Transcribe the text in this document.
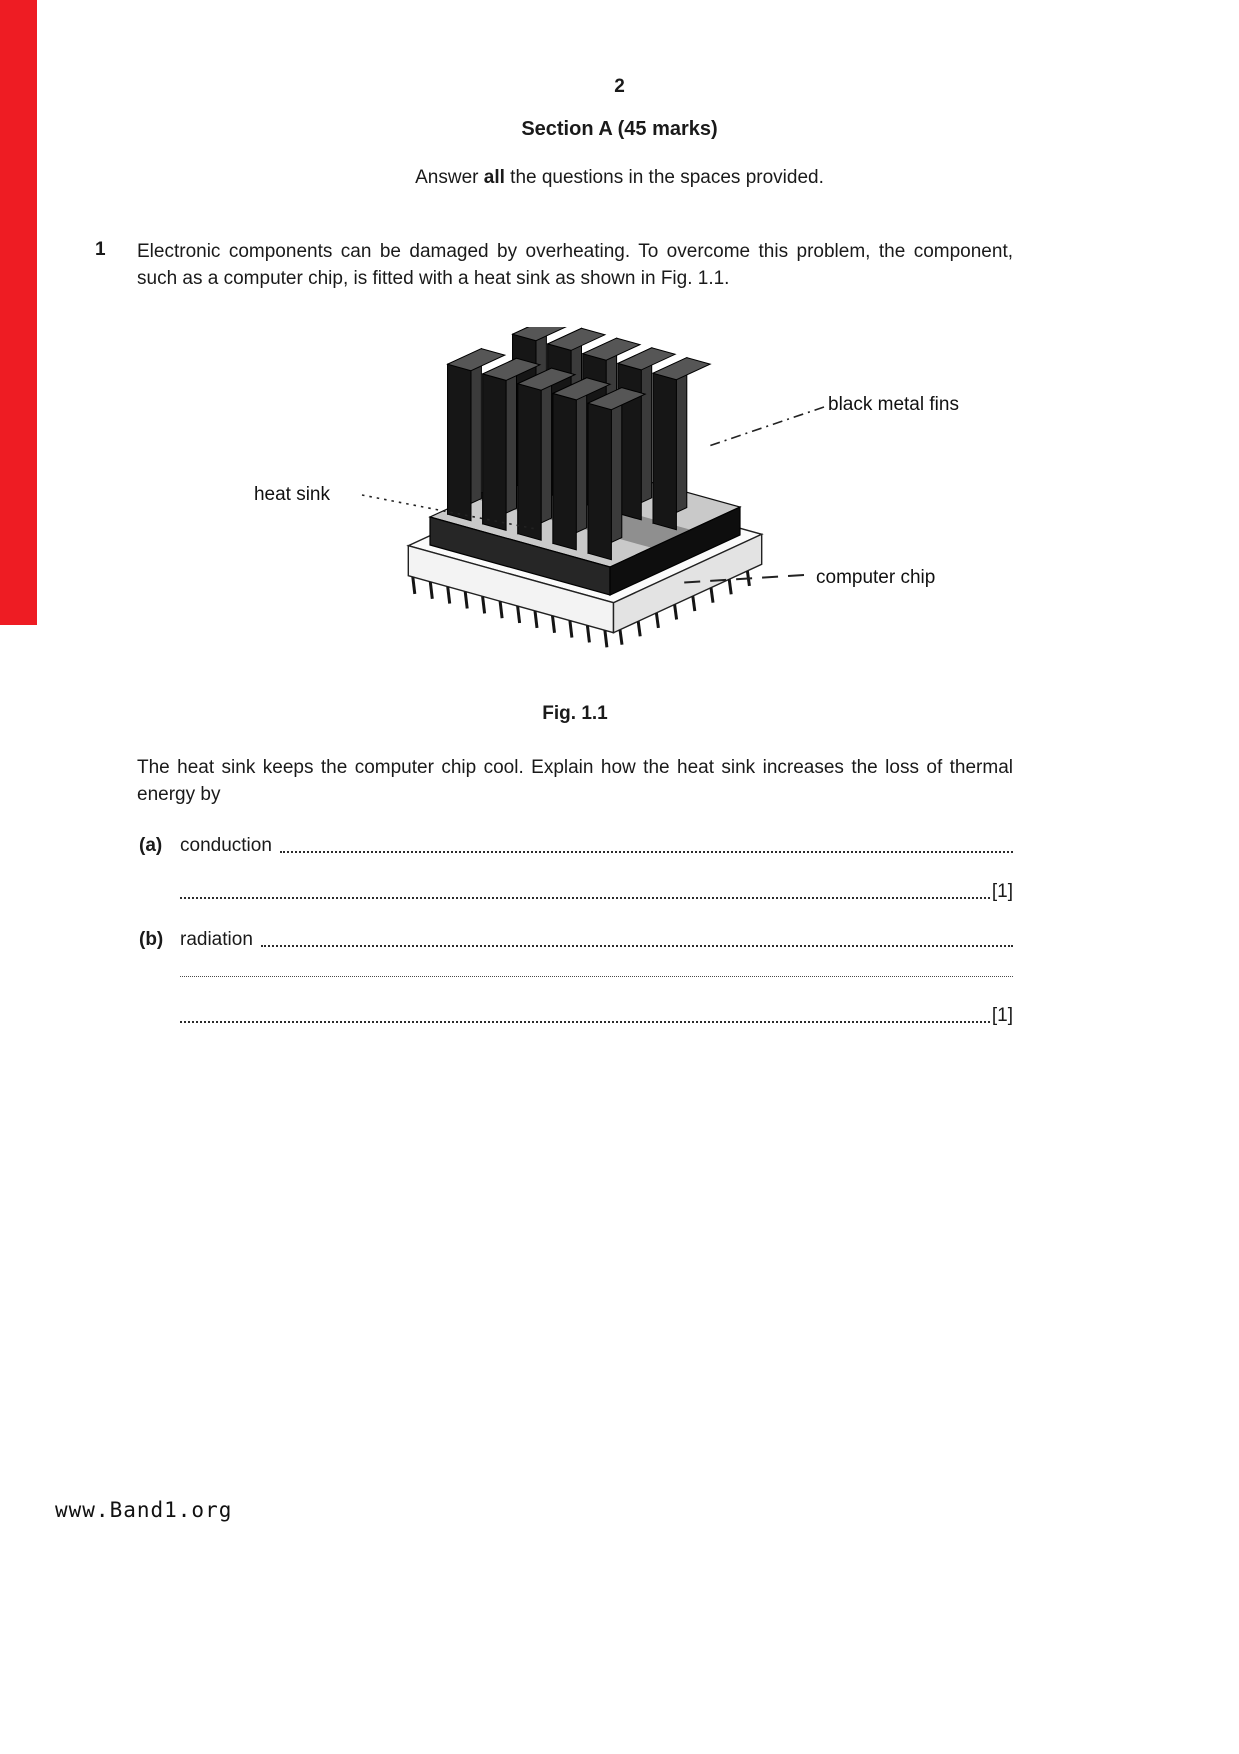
2
Section A (45 marks)
Answer all the questions in the spaces provided.
1 Electronic components can be damaged by overheating. To overcome this problem, the component, such as a computer chip, is fitted with a heat sink as shown in Fig. 1.1.
black metal fins
heat sink
computer chip
Fig. 1.1
The heat sink keeps the computer chip cool. Explain how the heat sink increases the loss of thermal energy by
(a) conduction
[1]
(b) radiation
[1]
www.Band1.org
